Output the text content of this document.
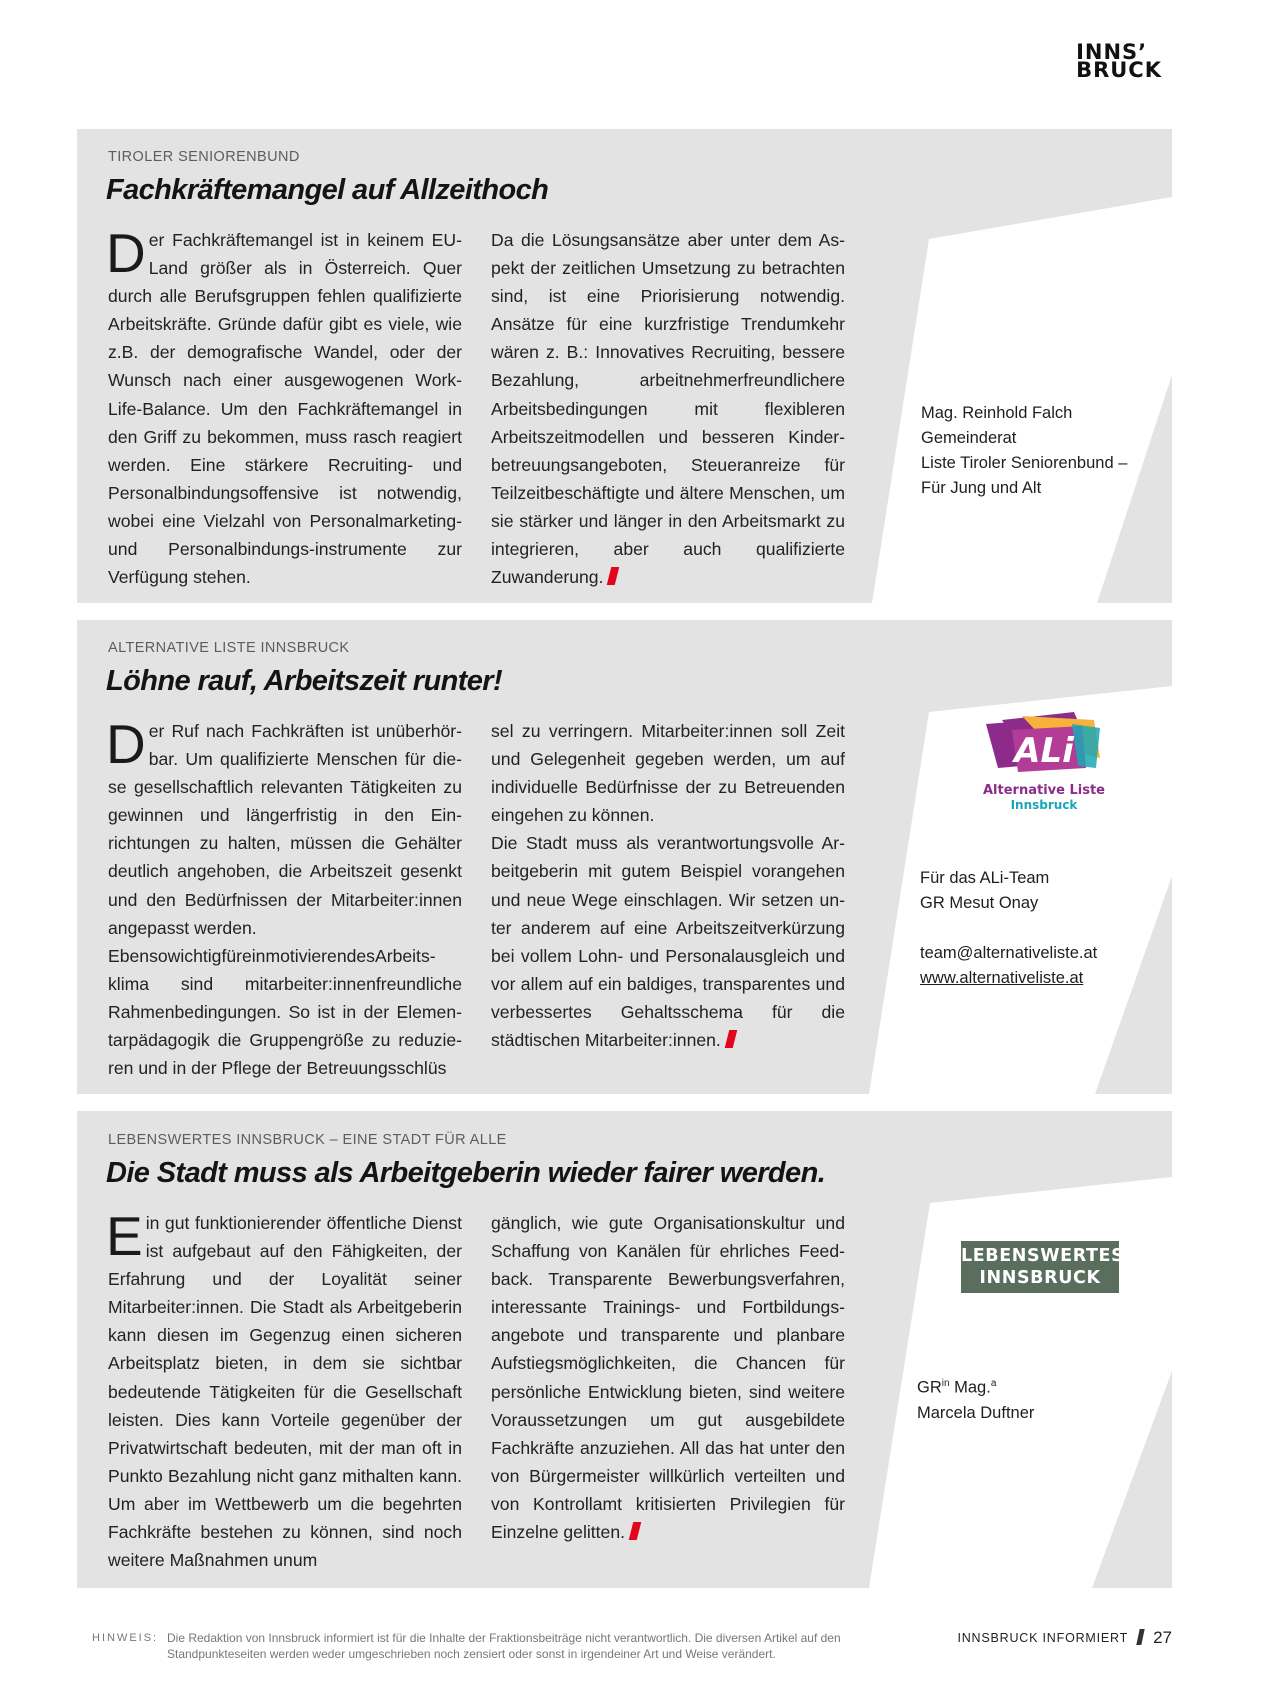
INNS’
BRUCK
TIROLER SENIORENBUND
Fachkräftemangel auf Allzeithoch
D er Fachkräftemangel ist in keinem EU-Land größer als in Österreich. Quer durch alle Berufsgruppen fehlen qualifizierte Arbeitskräfte. Gründe dafür gibt es viele, wie z.B. der demografische Wandel, oder der Wunsch nach einer ausgewogenen Work-Life-Balance. Um den Fachkräftemangel in den Griff zu bekommen, muss rasch reagiert werden. Eine stärkere Recruiting- und Personalbindungsoffensive ist notwendig, wobei eine Vielzahl von Personalmarketing- und Personalbindungs-instrumente zur Verfügung stehen.
Da die Lösungsansätze aber unter dem Aspekt der zeitlichen Umsetzung zu betrachten sind, ist eine Priorisierung notwendig. Ansätze für eine kurzfristige Trendumkehr wären z. B.: Innovatives Recruiting, bessere Bezahlung, arbeitnehmerfreundlichere Arbeitsbedingungen mit flexibleren Arbeitszeitmodellen und besseren Kinderbetreuungsangeboten, Steueranreize für Teilzeitbeschäftigte und ältere Menschen, um sie stärker und länger in den Arbeitsmarkt zu integrieren, aber auch qualifizierte Zuwanderung.
Mag. Reinhold Falch
Gemeinderat
Liste Tiroler Seniorenbund –
Für Jung und Alt
ALTERNATIVE LISTE INNSBRUCK
Löhne rauf, Arbeitszeit runter!

Der Ruf nach Fachkräften ist unüberhörbar. Um qualifizierte Menschen für diese gesellschaftlich relevanten Tätigkeiten zu gewinnen und längerfristig in den Einrichtungen zu halten, müssen die Gehälter deutlich angehoben, die Arbeitszeit gesenkt und den Bedürfnissen der Mitarbeiter:innen angepasst werden.

EbensowichtigfüreinmotivierendesArbeitsklima sind mitarbeiter:innenfreundliche Rahmenbedingungen. So ist in der Elementarpädagogik die Gruppengröße zu reduzieren und in der Pflege der Betreuungsschlüs

sel zu verringern. Mitarbeiter:innen soll Zeit und Gelegenheit gegeben werden, um auf individuelle Bedürfnisse der zu Betreuenden eingehen zu können.

Die Stadt muss als verantwortungsvolle Arbeitgeberin mit gutem Beispiel vorangehen und neue Wege einschlagen. Wir setzen unter anderem auf eine Arbeitszeitverkürzung bei vollem Lohn- und Personalausgleich und vor allem auf ein baldiges, transparentes und verbessertes Gehaltsschema für die städtischen Mitarbeiter:innen.

ALi
Alternative Liste
Innsbruck
Für das ALi-Team
GR Mesut Onay
team@alternativeliste.at
www.alternativeliste.at
LEBENSWERTES INNSBRUCK – EINE STADT FÜR ALLE
Die Stadt muss als Arbeitgeberin wieder fairer werden.
E in gut funktionierender öffentliche Dienst ist aufgebaut auf den Fähigkeiten, der Erfahrung und der Loyalität seiner Mitarbeiter:innen. Die Stadt als Arbeitgeberin kann diesen im Gegenzug einen sicheren Arbeitsplatz bieten, in dem sie sichtbar bedeutende Tätigkeiten für die Gesellschaft leisten. Dies kann Vorteile gegenüber der Privatwirtschaft bedeuten, mit der man oft in Punkto Bezahlung nicht ganz mithalten kann. Um aber im Wettbewerb um die begehrten Fachkräfte bestehen zu können, sind noch weitere Maßnahmen unum
gänglich, wie gute Organisationskultur und Schaffung von Kanälen für ehrliches Feedback. Transparente Bewerbungsverfahren, interessante Trainings- und Fortbildungsangebote und transparente und planbare Aufstiegsmöglichkeiten, die Chancen für persönliche Entwicklung bieten, sind weitere Voraussetzungen um gut ausgebildete Fachkräfte anzuziehen. All das hat unter den von Bürgermeister willkürlich verteilten und von Kontrollamt kritisierten Privilegien für Einzelne gelitten.
LEBENSWERTES
INNSBRUCK
$GR^{in}$ Mag.$^a$
Marcela Duftner
HINWEIS: Die Redaktion von Innsbruck informiert ist für die Inhalte der Fraktionsbeiträge nicht verantwortlich. Die diversen Artikel auf den Standpunkteseiten werden weder umgeschrieben noch zensiert oder sonst in irgendeiner Art und Weise verändert.
INNSBRUCK INFORMIERT 27
